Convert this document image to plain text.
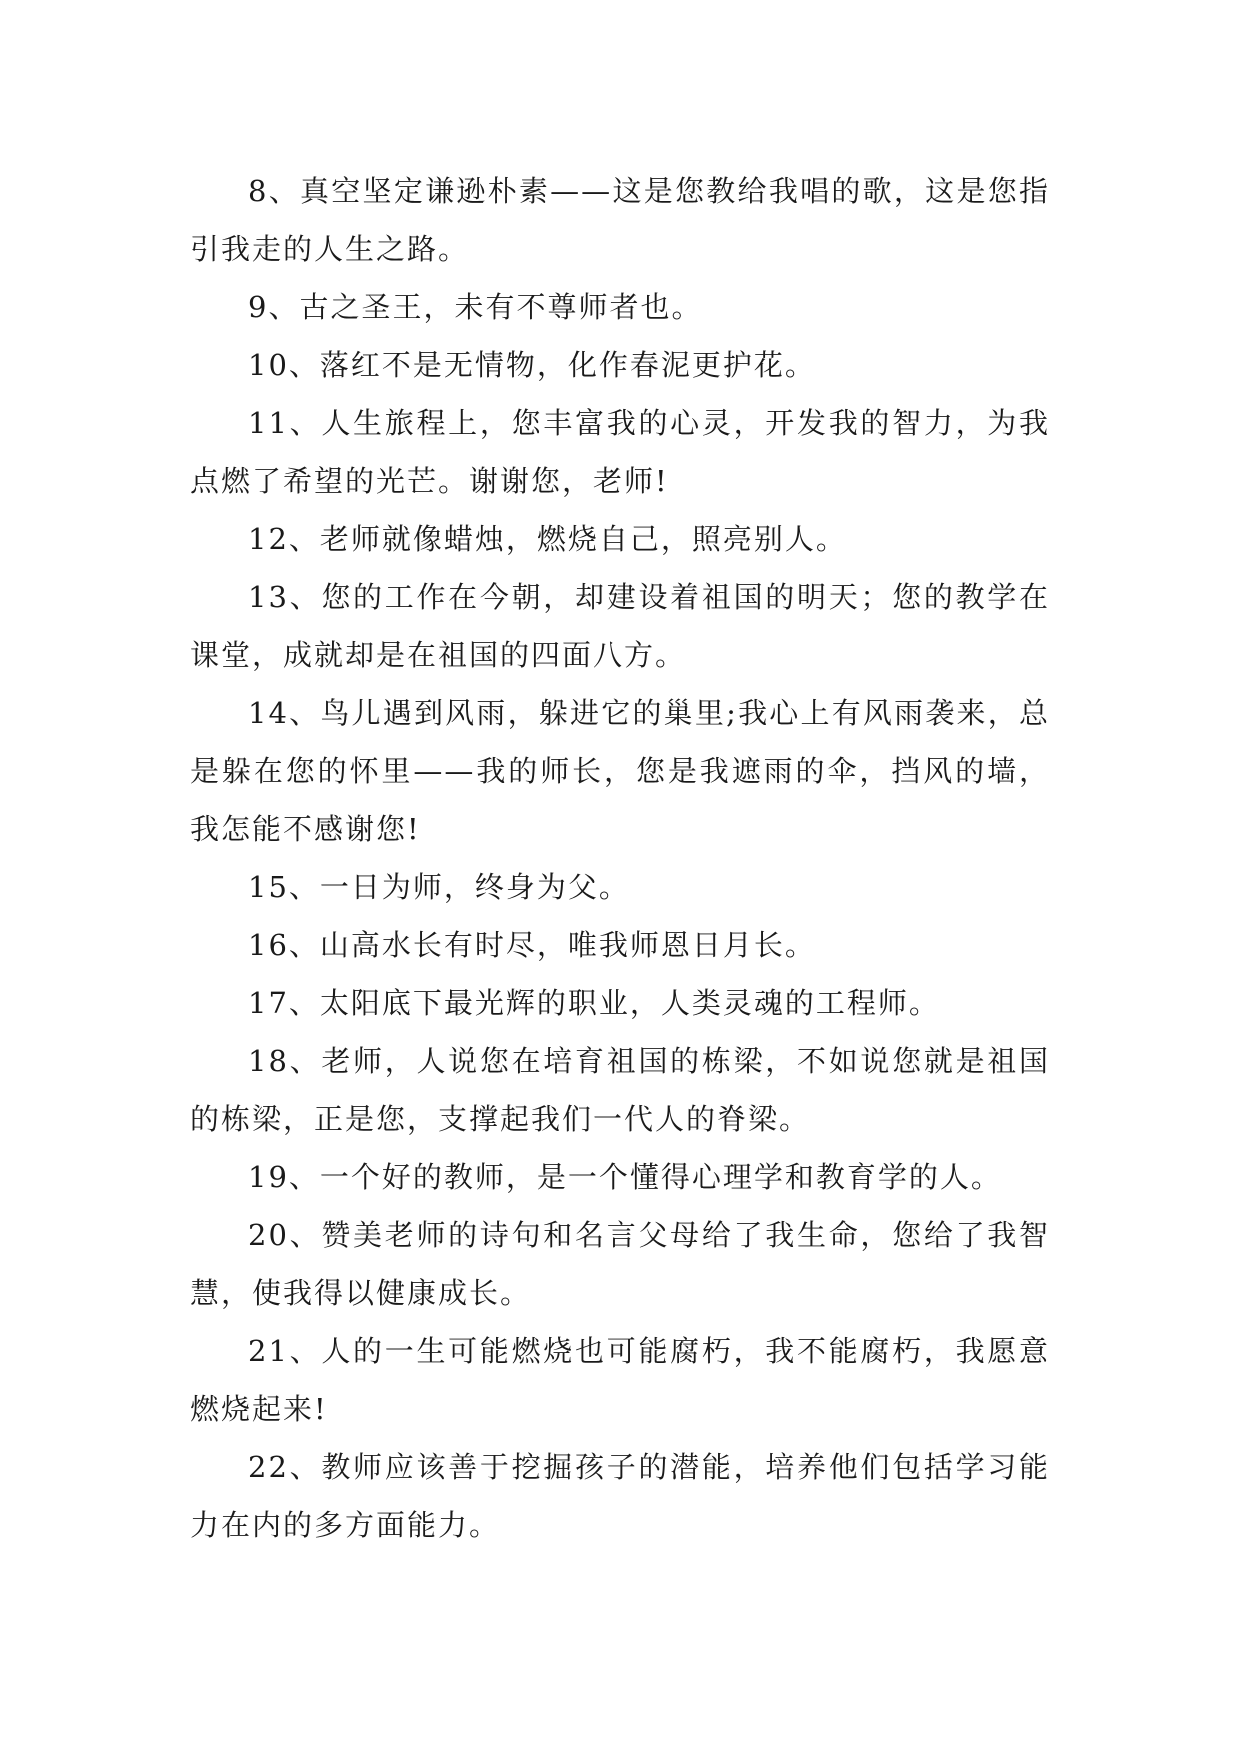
8、真空坚定谦逊朴素——这是您教给我唱的歌，这是您指引我走的人生之路。

9、古之圣王，未有不尊师者也。

10、落红不是无情物，化作春泥更护花。

11、人生旅程上，您丰富我的心灵，开发我的智力，为我点燃了希望的光芒。谢谢您，老师!

12、老师就像蜡烛，燃烧自己，照亮别人。

13、您的工作在今朝，却建设着祖国的明天；您的教学在课堂，成就却是在祖国的四面八方。

14、鸟儿遇到风雨，躲进它的巢里;我心上有风雨袭来，总是躲在您的怀里——我的师长，您是我遮雨的伞，挡风的墙，我怎能不感谢您!

15、一日为师，终身为父。

16、山高水长有时尽，唯我师恩日月长。

17、太阳底下最光辉的职业，人类灵魂的工程师。

18、老师，人说您在培育祖国的栋梁，不如说您就是祖国的栋梁，正是您，支撑起我们一代人的脊梁。

19、一个好的教师，是一个懂得心理学和教育学的人。

20、赞美老师的诗句和名言父母给了我生命，您给了我智慧，使我得以健康成长。

21、人的一生可能燃烧也可能腐朽，我不能腐朽，我愿意燃烧起来!

22、教师应该善于挖掘孩子的潜能，培养他们包括学习能力在内的多方面能力。
